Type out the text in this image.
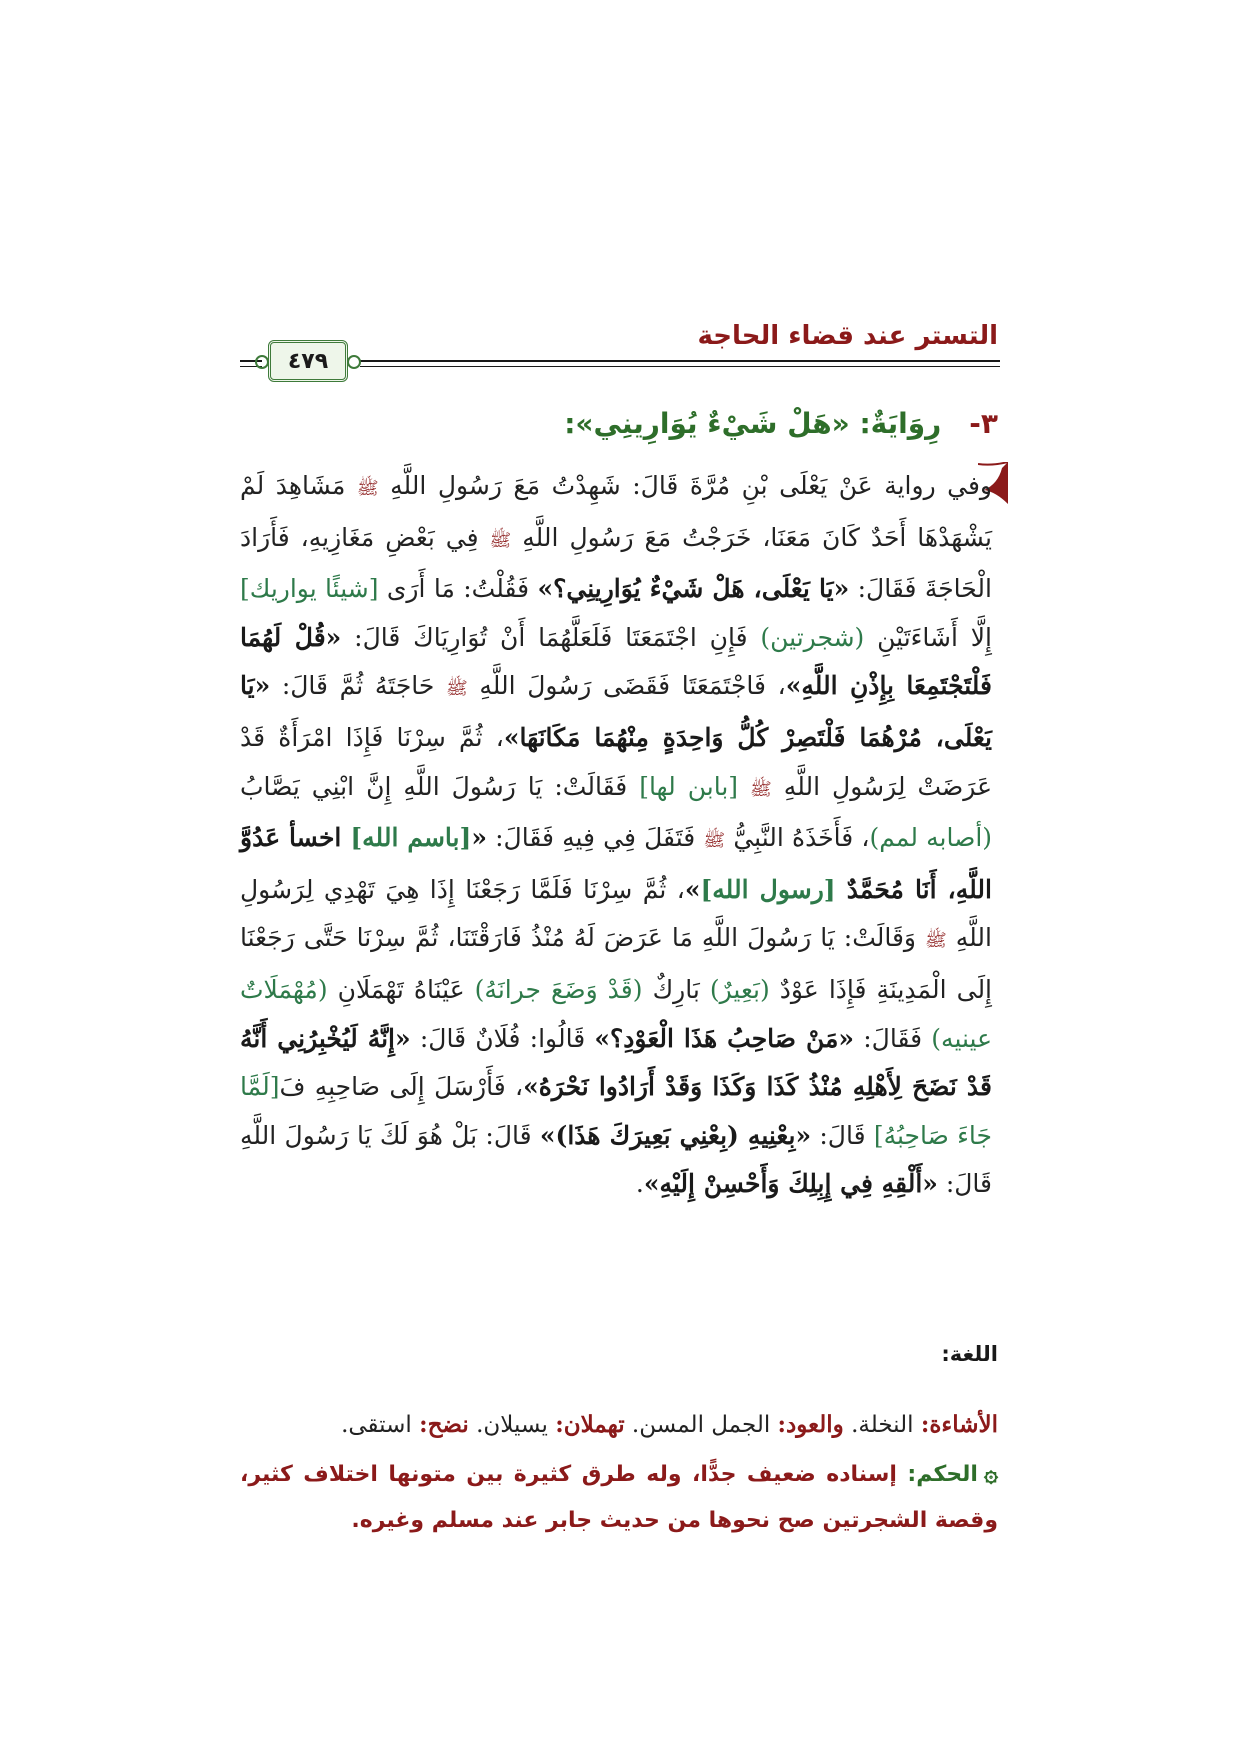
التستر عند قضاء الحاجة
٤٧٩
٣-رِوَايَةٌ: «هَلْ شَيْءٌ يُوَارِينِي»:
وفي رواية عَنْ يَعْلَى بْنِ مُرَّةَ قَالَ: شَهِدْتُ مَعَ رَسُولِ اللَّهِ ﷺ مَشَاهِدَ لَمْ يَشْهَدْهَا أَحَدٌ كَانَ مَعَنَا، خَرَجْتُ مَعَ رَسُولِ اللَّهِ ﷺ فِي بَعْضِ مَغَازِيهِ، فَأَرَادَ الْحَاجَةَ فَقَالَ: «يَا يَعْلَى، هَلْ شَيْءٌ يُوَارِينِي؟» فَقُلْتُ: مَا أَرَى [شيئًا يواريك] إِلَّا أَشَاءَتَيْنِ (شجرتين) فَإِنِ اجْتَمَعَتَا فَلَعَلَّهُمَا أَنْ تُوَارِيَاكَ قَالَ: «قُلْ لَهُمَا فَلْتَجْتَمِعَا بِإِذْنِ اللَّهِ»، فَاجْتَمَعَتَا فَقَضَى رَسُولَ اللَّهِ ﷺ حَاجَتَهُ ثُمَّ قَالَ: «يَا يَعْلَى، مُرْهُمَا فَلْتَصِرْ كُلُّ وَاحِدَةٍ مِنْهُمَا مَكَانَهَا»، ثُمَّ سِرْنَا فَإِذَا امْرَأَةٌ قَدْ عَرَضَتْ لِرَسُولِ اللَّهِ ﷺ [بابن لها] فَقَالَتْ: يَا رَسُولَ اللَّهِ إِنَّ ابْنِي يَصَّابُ (أصابه لمم)، فَأَخَذَهُ النَّبِيُّ ﷺ فَتَفَلَ فِي فِيهِ فَقَالَ: «[باسم الله] اخسأ عَدُوَّ اللَّهِ، أَنَا مُحَمَّدٌ [رسول الله]»، ثُمَّ سِرْنَا فَلَمَّا رَجَعْنَا إِذَا هِيَ تَهْدِي لِرَسُولِ اللَّهِ ﷺ وَقَالَتْ: يَا رَسُولَ اللَّهِ مَا عَرَضَ لَهُ مُنْذُ فَارَقْتَنَا، ثُمَّ سِرْنَا حَتَّى رَجَعْنَا إِلَى الْمَدِينَةِ فَإِذَا عَوْدٌ (بَعِيرٌ) بَارِكٌ (قَدْ وَضَعَ جرانَهُ) عَيْنَاهُ تَهْمَلَانِ (مُهْمَلَاتٌ عينيه) فَقَالَ: «مَنْ صَاحِبُ هَذَا الْعَوْدِ؟» قَالُوا: فُلَانٌ قَالَ: «إِنَّهُ لَيُخْبِرُنِي أَنَّهُ قَدْ نَضَحَ لِأَهْلِهِ مُنْذُ كَذَا وَكَذَا وَقَدْ أَرَادُوا نَحْرَهُ»، فَأَرْسَلَ إِلَى صَاحِبِهِ فَ[لَمَّا جَاءَ صَاحِبُهُ] قَالَ: «بِعْنِيهِ (بِعْنِي بَعِيرَكَ هَذَا)» قَالَ: بَلْ هُوَ لَكَ يَا رَسُولَ اللَّهِ قَالَ: «أَلْقِهِ فِي إِبِلِكَ وَأَحْسِنْ إِلَيْهِ».
اللغة:
الأشاءة: النخلة. والعود: الجمل المسن. تهملان: يسيلان. نضح: استقى.
۞الحكم: إسناده ضعيف جدًّا، وله طرق كثيرة بين متونها اختلاف كثير، وقصة الشجرتين صح نحوها من حديث جابر عند مسلم وغيره.
